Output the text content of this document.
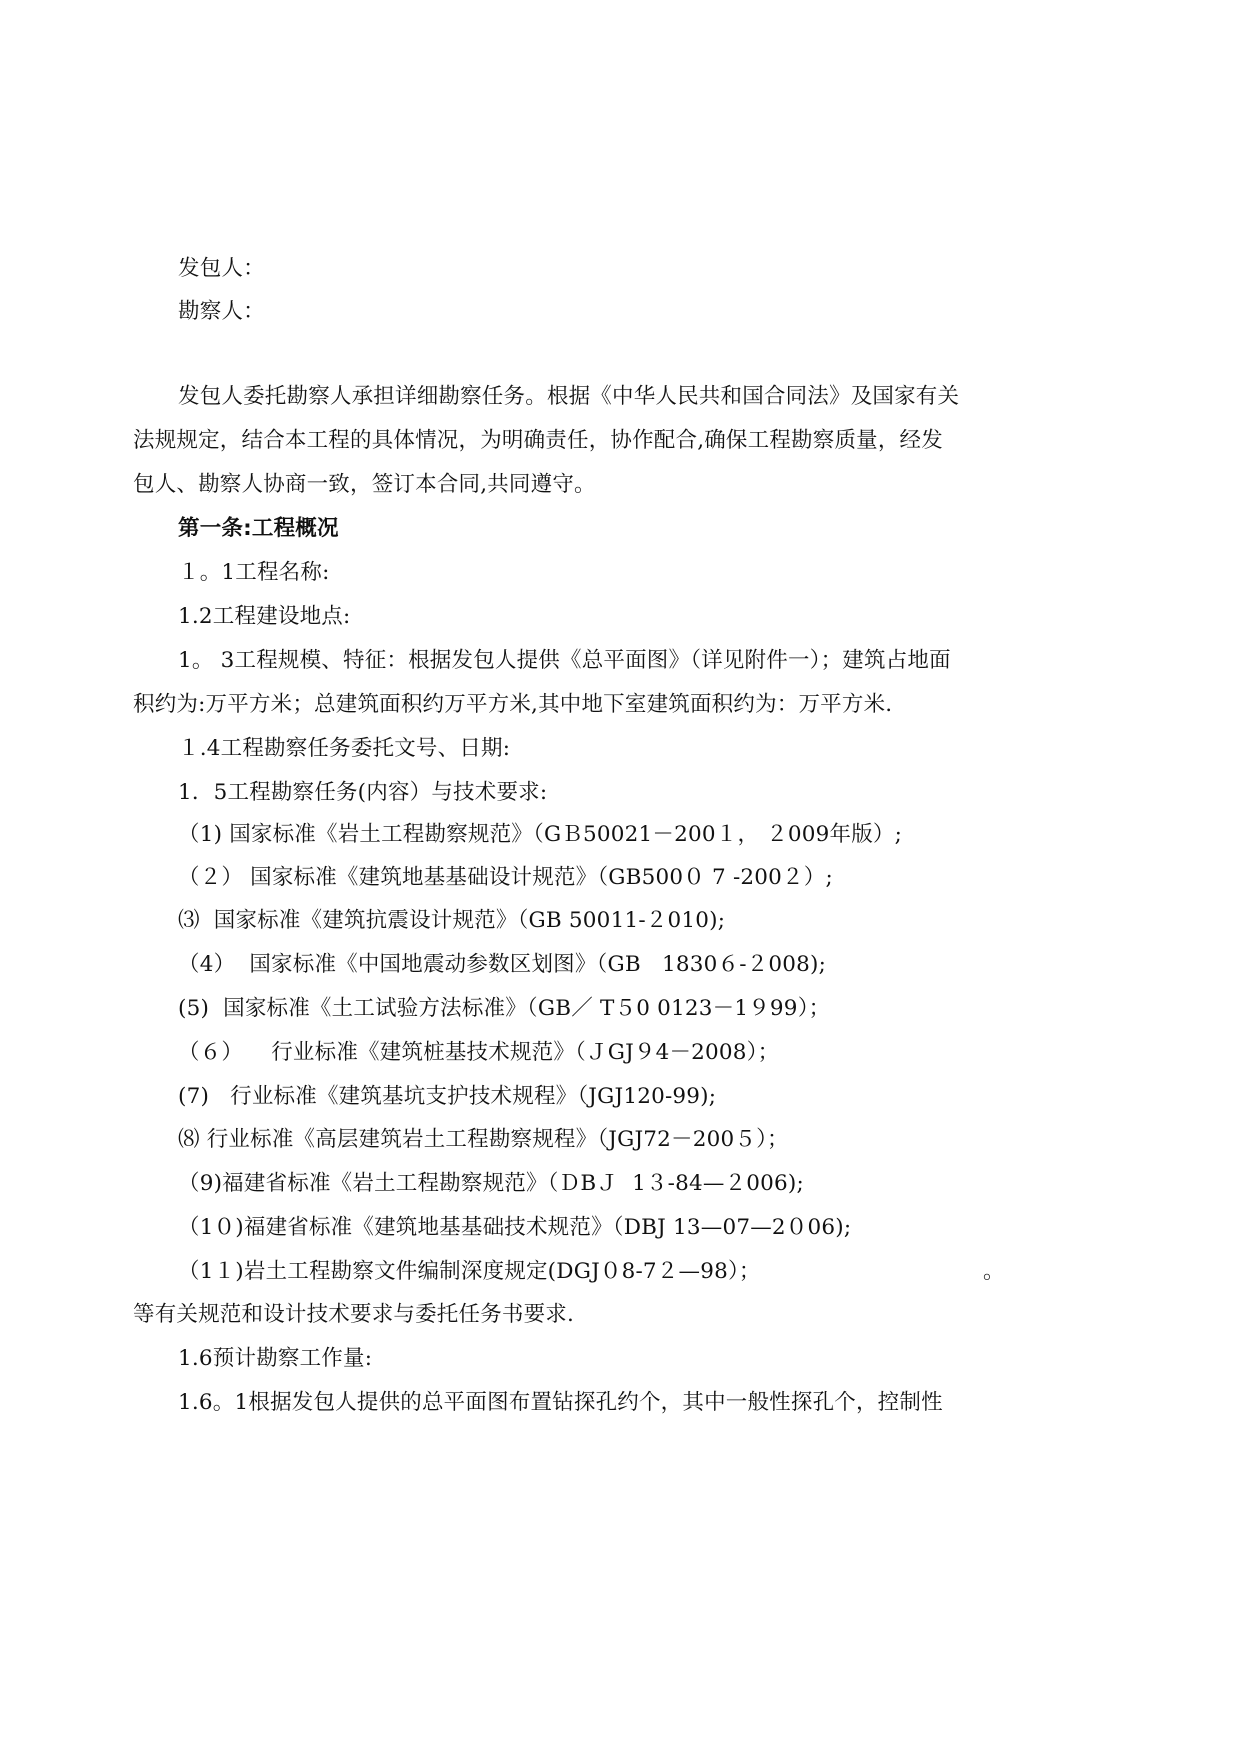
发包人：
勘察人：
发包人委托勘察人承担详细勘察任务。根据《中华人民共和国合同法》及国家有关
法规规定，结合本工程的具体情况，为明确责任，协作配合,确保工程勘察质量，经发
包人、勘察人协商一致，签订本合同,共同遵守。
第一条:工程概况
１。1工程名称:
1.2工程建设地点:
1。 3工程规模、特征：根据发包人提供《总平面图》（详见附件一）；建筑占地面
积约为:万平方米；总建筑面积约万平方米,其中地下室建筑面积约为：万平方米.
１.4工程勘察任务委托文号、日期:
1．5工程勘察任务(内容）与技术要求:
（1) 国家标准《岩土工程勘察规范》（GＢ50021－200１， ２009年版）;
（２） 国家标准《建筑地基基础设计规范》（GB500０ 7 -200２）;
⑶  国家标准《建筑抗震设计规范》（GB 50011-２010);
（4）  国家标准《中国地震动参数区划图》（GB   1830６-２008);
(5)  国家标准《土工试验方法标准》（GB／ T５0 0123－1９99）；
（６）    行业标准《建筑桩基技术规范》（ＪGJ９4－2008）；
(7)   行业标准《建筑基坑支护技术规程》（JGJ120-99);
⑻ 行业标准《高层建筑岩土工程勘察规程》（JGJ72－200５）；
（9)福建省标准《岩土工程勘察规范》（ＤBＪ  1３-84—２006);
（1０)福建省标准《建筑地基基础技术规范》（DBJ 13—07—2０06);
（1１)岩土工程勘察文件编制深度规定(DGJ０8-7２—98）；	。
等有关规范和设计技术要求与委托任务书要求.
1.6预计勘察工作量:
1.6。1根据发包人提供的总平面图布置钻探孔约个，其中一般性探孔个，控制性
